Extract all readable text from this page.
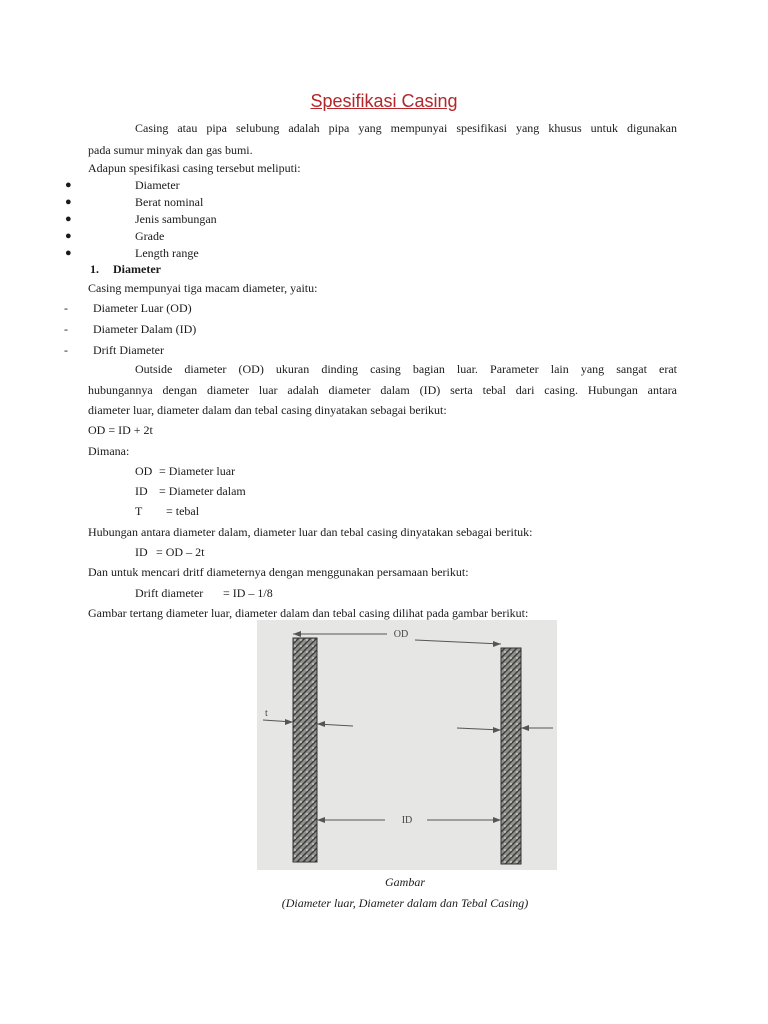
Spesifikasi Casing
Casing atau pipa selubung adalah pipa yang mempunyai spesifikasi yang khusus untuk digunakan
pada sumur minyak dan gas bumi.
Adapun spesifikasi casing tersebut meliputi:
●	Diameter
●	Berat nominal
●	Jenis sambungan
●	Grade
●	Length range
1. Diameter
Casing mempunyai tiga macam diameter, yaitu:
- Diameter Luar (OD)
- Diameter Dalam (ID)
- Drift Diameter
Outside diameter (OD) ukuran dinding casing bagian luar. Parameter lain yang sangat erat
hubungannya dengan diameter luar adalah diameter dalam (ID) serta tebal dari casing. Hubungan antara
diameter luar, diameter dalam dan tebal casing dinyatakan sebagai berikut:
OD = ID + 2t
Dimana:
OD = Diameter luar
ID = Diameter dalam
T = tebal
Hubungan antara diameter dalam, diameter luar dan tebal casing dinyatakan sebagai berituk:
ID = OD – 2t
Dan untuk mencari dritf diameternya dengan menggunakan persamaan berikut:
Drift diameter = ID – 1/8
Gambar tertang diameter luar, diameter dalam dan tebal casing dilihat pada gambar berikut:
OD
t
ID
Gambar
(Diameter luar, Diameter dalam dan Tebal Casing)
